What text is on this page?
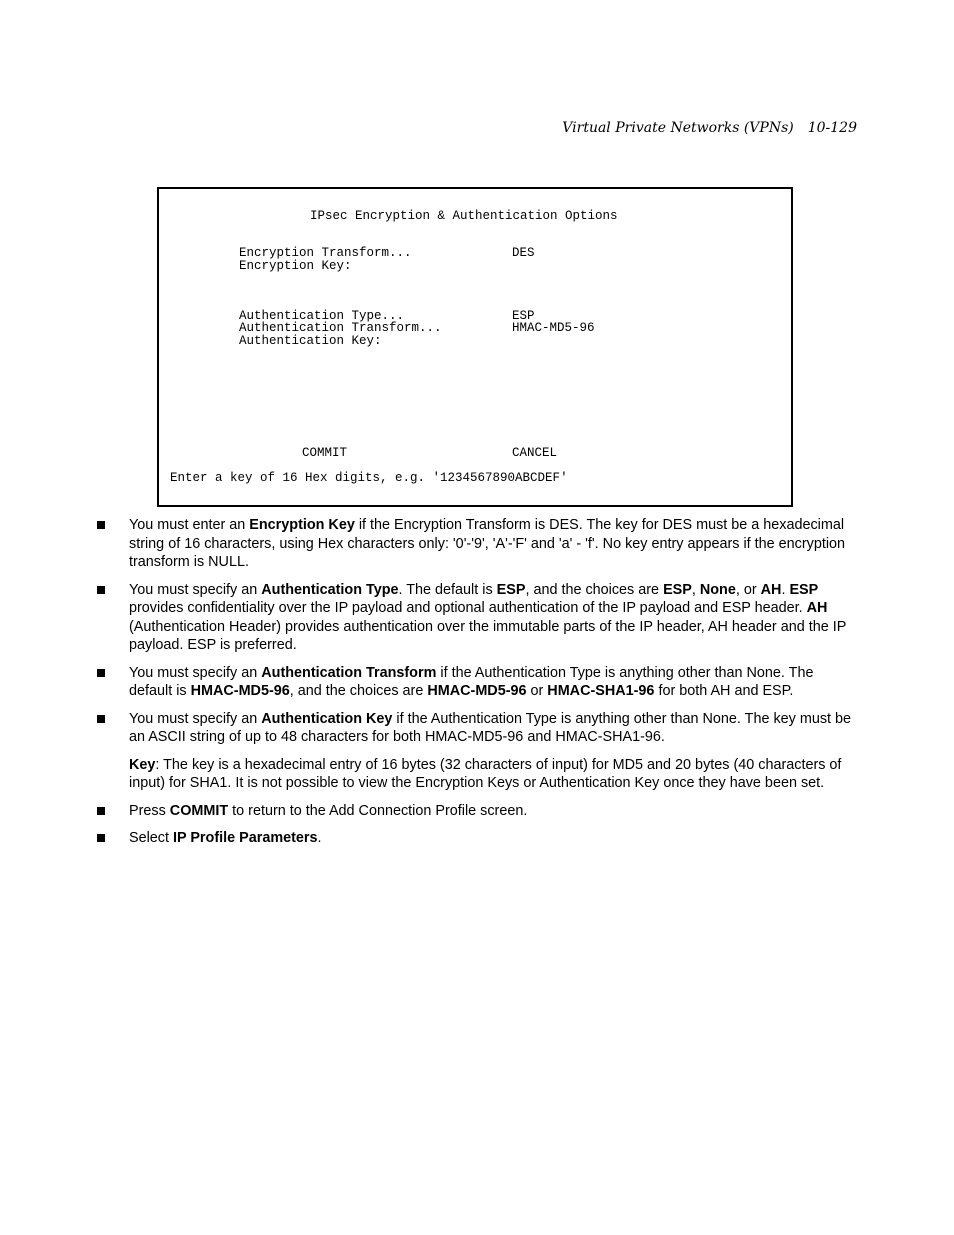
Virtual Private Networks (VPNs) 10-129
IPsec Encryption & Authentication Options
Encryption Transform...	DES
Encryption Key:
Authentication Type...	ESP
Authentication Transform...	HMAC-MD5-96
Authentication Key:
COMMIT	CANCEL
Enter a key of 16 Hex digits, e.g. '1234567890ABCDEF'

You must enter an Encryption Key if the Encryption Transform is DES. The key for DES must be a hexadecimal string of 16 characters, using Hex characters only: '0'-'9', 'A'-'F' and 'a' - 'f'. No key entry appears if the encryption transform is NULL.

You must specify an Authentication Type. The default is ESP, and the choices are ESP, None, or AH. ESP provides confidentiality over the IP payload and optional authentication of the IP payload and ESP header. AH (Authentication Header) provides authentication over the immutable parts of the IP header, AH header and the IP payload. ESP is preferred.

You must specify an Authentication Transform if the Authentication Type is anything other than None. The default is HMAC-MD5-96, and the choices are HMAC-MD5-96 or HMAC-SHA1-96 for both AH and ESP.

You must specify an Authentication Key if the Authentication Type is anything other than None. The key must be an ASCII string of up to 48 characters for both HMAC-MD5-96 and HMAC-SHA1-96.

Key: The key is a hexadecimal entry of 16 bytes (32 characters of input) for MD5 and 20 bytes (40 characters of input) for SHA1. It is not possible to view the Encryption Keys or Authentication Key once they have been set.

Press COMMIT to return to the Add Connection Profile screen.

Select IP Profile Parameters.
